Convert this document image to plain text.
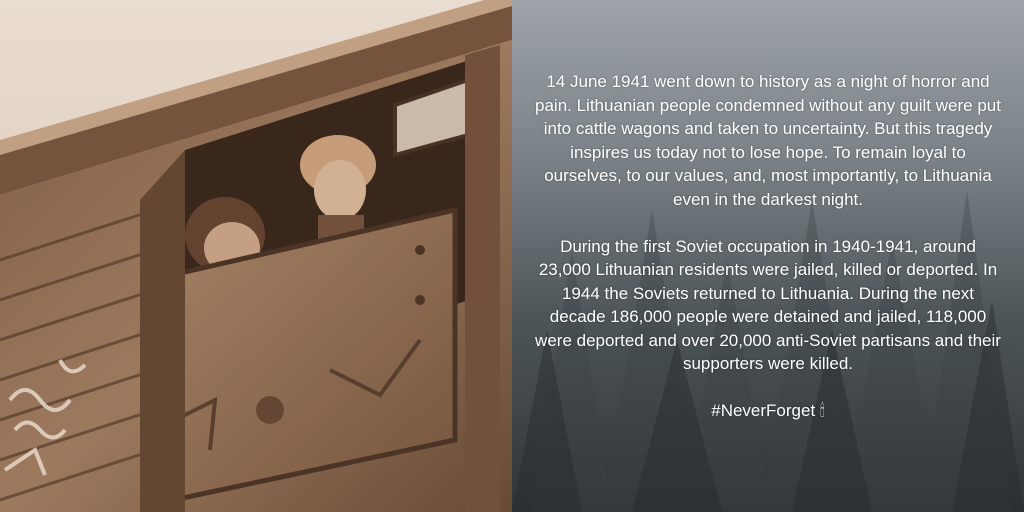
14 June 1941 went down to history as a night of horror and pain. Lithuanian people condemned without any guilt were put into cattle wagons and taken to uncertainty. But this tragedy inspires us today not to lose hope. To remain loyal to ourselves, to our values, and, most importantly, to Lithuania even in the darkest night.

During the first Soviet occupation in 1940-1941, around 23,000 Lithuanian residents were jailed, killed or deported. In 1944 the Soviets returned to Lithuania. During the next decade 186,000 people were detained and jailed, 118,000 were deported and over 20,000 anti-Soviet partisans and their supporters were killed.

#NeverForget 🕯
